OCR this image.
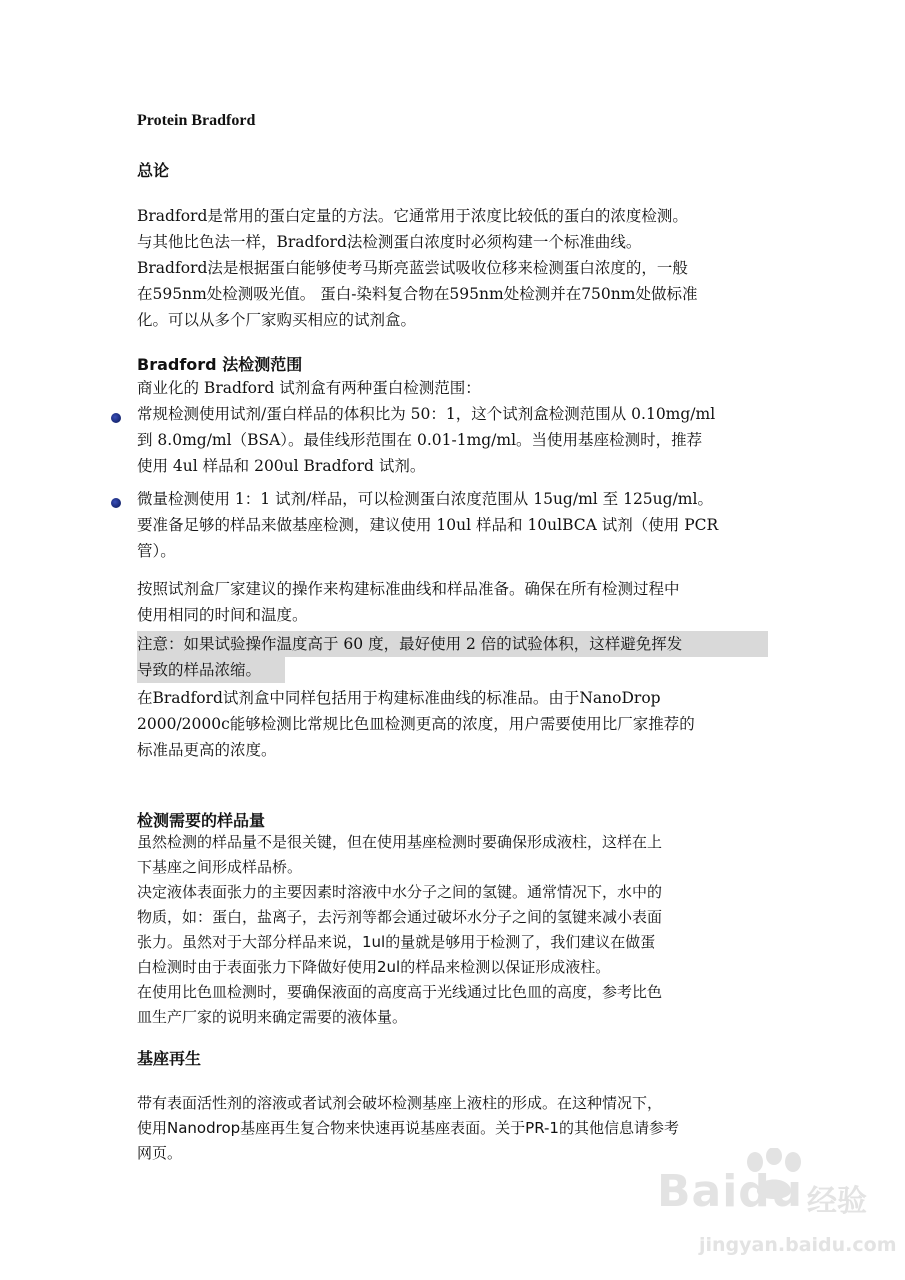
Protein Bradford
总论
Bradford是常用的蛋白定量的方法。它通常用于浓度比较低的蛋白的浓度检测。
与其他比色法一样，Bradford法检测蛋白浓度时必须构建一个标准曲线。
Bradford法是根据蛋白能够使考马斯亮蓝尝试吸收位移来检测蛋白浓度的，一般
在595nm处检测吸光值。 蛋白-染料复合物在595nm处检测并在750nm处做标准
化。可以从多个厂家购买相应的试剂盒。
Bradford 法检测范围
商业化的 Bradford 试剂盒有两种蛋白检测范围：
常规检测使用试剂/蛋白样品的体积比为 50：1，这个试剂盒检测范围从 0.10mg/ml
到 8.0mg/ml（BSA）。最佳线形范围在 0.01-1mg/ml。当使用基座检测时，推荐
使用 4ul 样品和 200ul Bradford 试剂。
微量检测使用 1：1 试剂/样品，可以检测蛋白浓度范围从 15ug/ml 至 125ug/ml。
要准备足够的样品来做基座检测，建议使用 10ul 样品和 10ulBCA 试剂（使用 PCR
管）。
按照试剂盒厂家建议的操作来构建标准曲线和样品准备。确保在所有检测过程中
使用相同的时间和温度。
注意：如果试验操作温度高于 60 度，最好使用 2 倍的试验体积，这样避免挥发
导致的样品浓缩。
在Bradford试剂盒中同样包括用于构建标准曲线的标准品。由于NanoDrop
2000/2000c能够检测比常规比色皿检测更高的浓度，用户需要使用比厂家推荐的
标准品更高的浓度。
检测需要的样品量
虽然检测的样品量不是很关键，但在使用基座检测时要确保形成液柱，这样在上
下基座之间形成样品桥。
决定液体表面张力的主要因素时溶液中水分子之间的氢键。通常情况下，水中的
物质，如：蛋白，盐离子，去污剂等都会通过破坏水分子之间的氢键来减小表面
张力。虽然对于大部分样品来说，1ul的量就是够用于检测了，我们建议在做蛋
白检测时由于表面张力下降做好使用2ul的样品来检测以保证形成液柱。
在使用比色皿检测时，要确保液面的高度高于光线通过比色皿的高度，参考比色
皿生产厂家的说明来确定需要的液体量。
基座再生
带有表面活性剂的溶液或者试剂会破坏检测基座上液柱的形成。在这种情况下，
使用Nanodrop基座再生复合物来快速再说基座表面。关于PR-1的其他信息请参考
网页。
Baidu 经验
jingyan.baidu.com
